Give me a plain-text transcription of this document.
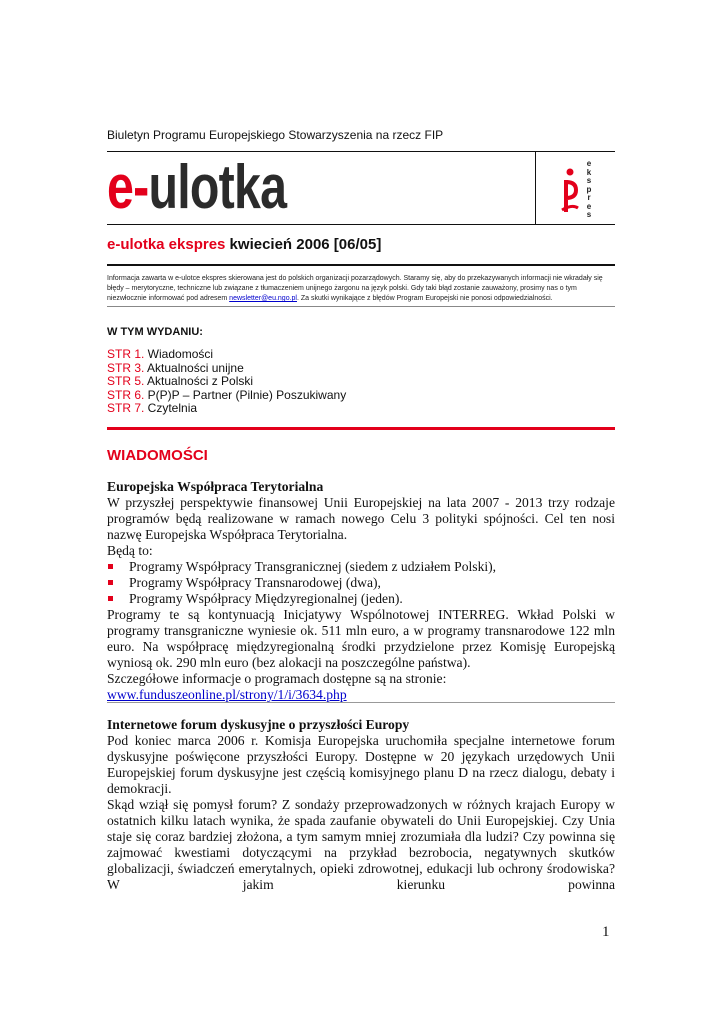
Biuletyn Programu Europejskiego Stowarzyszenia na rzecz FIP
e-ulotka	ekspres
e-ulotka ekspres kwiecień 2006 [06/05]
Informacja zawarta w e-ulotce ekspres skierowana jest do polskich organizacji pozarządowych. Staramy się, aby do przekazywanych informacji nie wkradały się błędy – merytoryczne, techniczne lub związane z tłumaczeniem unijnego żargonu na język polski. Gdy taki błąd zostanie zauważony, prosimy nas o tym niezwłocznie informować pod adresem newsletter@eu.ngo.pl. Za skutki wynikające z błędów Program Europejski nie ponosi odpowiedzialności.
W TYM WYDANIU:
STR 1. Wiadomości
STR 3. Aktualności unijne
STR 5. Aktualności z Polski
STR 6. P(P)P – Partner (Pilnie) Poszukiwany
STR 7. Czytelnia
WIADOMOŚCI
Europejska Współpraca Terytorialna
W przyszłej perspektywie finansowej Unii Europejskiej na lata 2007 - 2013 trzy rodzaje programów będą realizowane w ramach nowego Celu 3 polityki spójności. Cel ten nosi nazwę Europejska Współpraca Terytorialna.
Będą to:
Programy Współpracy Transgranicznej (siedem z udziałem Polski),
Programy Współpracy Transnarodowej (dwa),
Programy Współpracy Międzyregionalnej (jeden).
Programy te są kontynuacją Inicjatywy Wspólnotowej INTERREG. Wkład Polski w programy transgraniczne wyniesie ok. 511 mln euro, a w programy transnarodowe 122 mln euro. Na współpracę międzyregionalną środki przydzielone przez Komisję Europejską wyniosą ok. 290 mln euro (bez alokacji na poszczególne państwa).
Szczegółowe informacje o programach dostępne są na stronie:
www.funduszeonline.pl/strony/1/i/3634.php
Internetowe forum dyskusyjne o przyszłości Europy
Pod koniec marca 2006 r. Komisja Europejska uruchomiła specjalne internetowe forum dyskusyjne poświęcone przyszłości Europy. Dostępne w 20 językach urzędowych Unii Europejskiej forum dyskusyjne jest częścią komisyjnego planu D na rzecz dialogu, debaty i demokracji.
Skąd wziął się pomysł forum? Z sondaży przeprowadzonych w różnych krajach Europy w ostatnich kilku latach wynika, że spada zaufanie obywateli do Unii Europejskiej. Czy Unia staje się coraz bardziej złożona, a tym samym mniej zrozumiała dla ludzi? Czy powinna się zajmować kwestiami dotyczącymi na przykład bezrobocia, negatywnych skutków globalizacji, świadczeń emerytalnych, opieki zdrowotnej, edukacji lub ochrony środowiska? W jakim kierunku powinna
1
